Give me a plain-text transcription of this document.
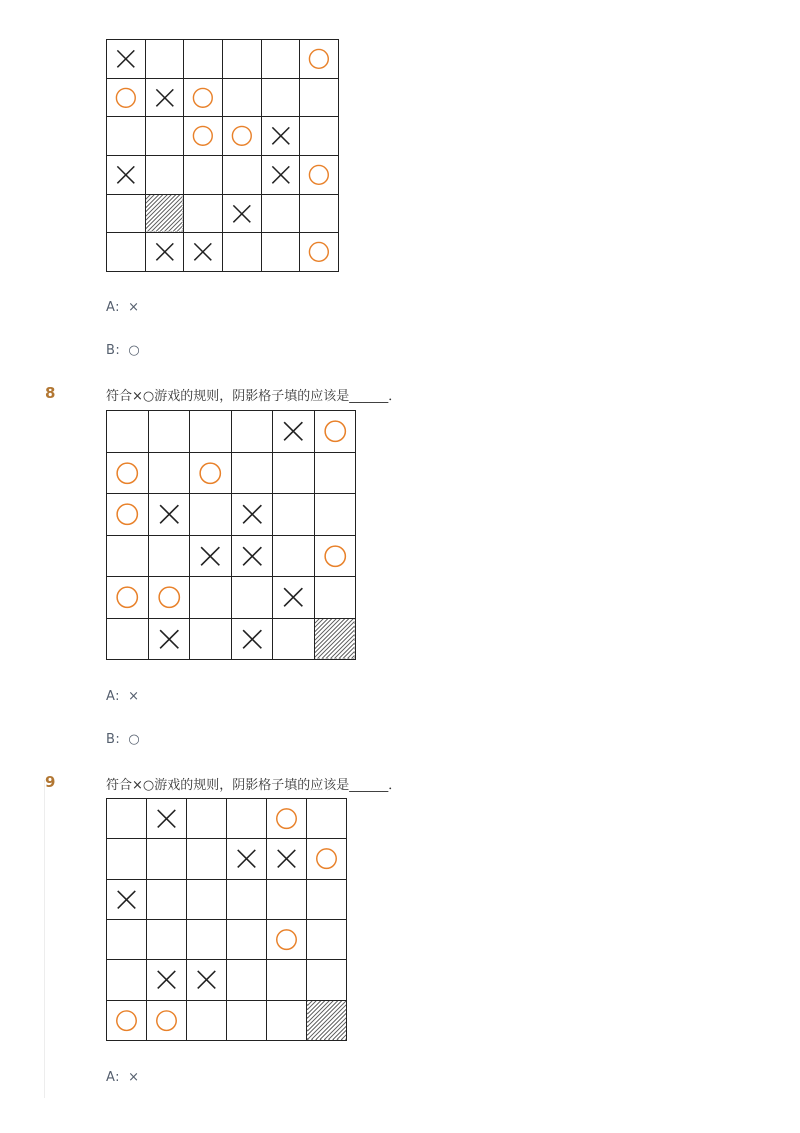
A: ×
B: ○
8	符合×○游戏的规则，阴影格子填的应该是______．

A: ×
B: ○
9	符合×○游戏的规则，阴影格子填的应该是______．

A: ×
